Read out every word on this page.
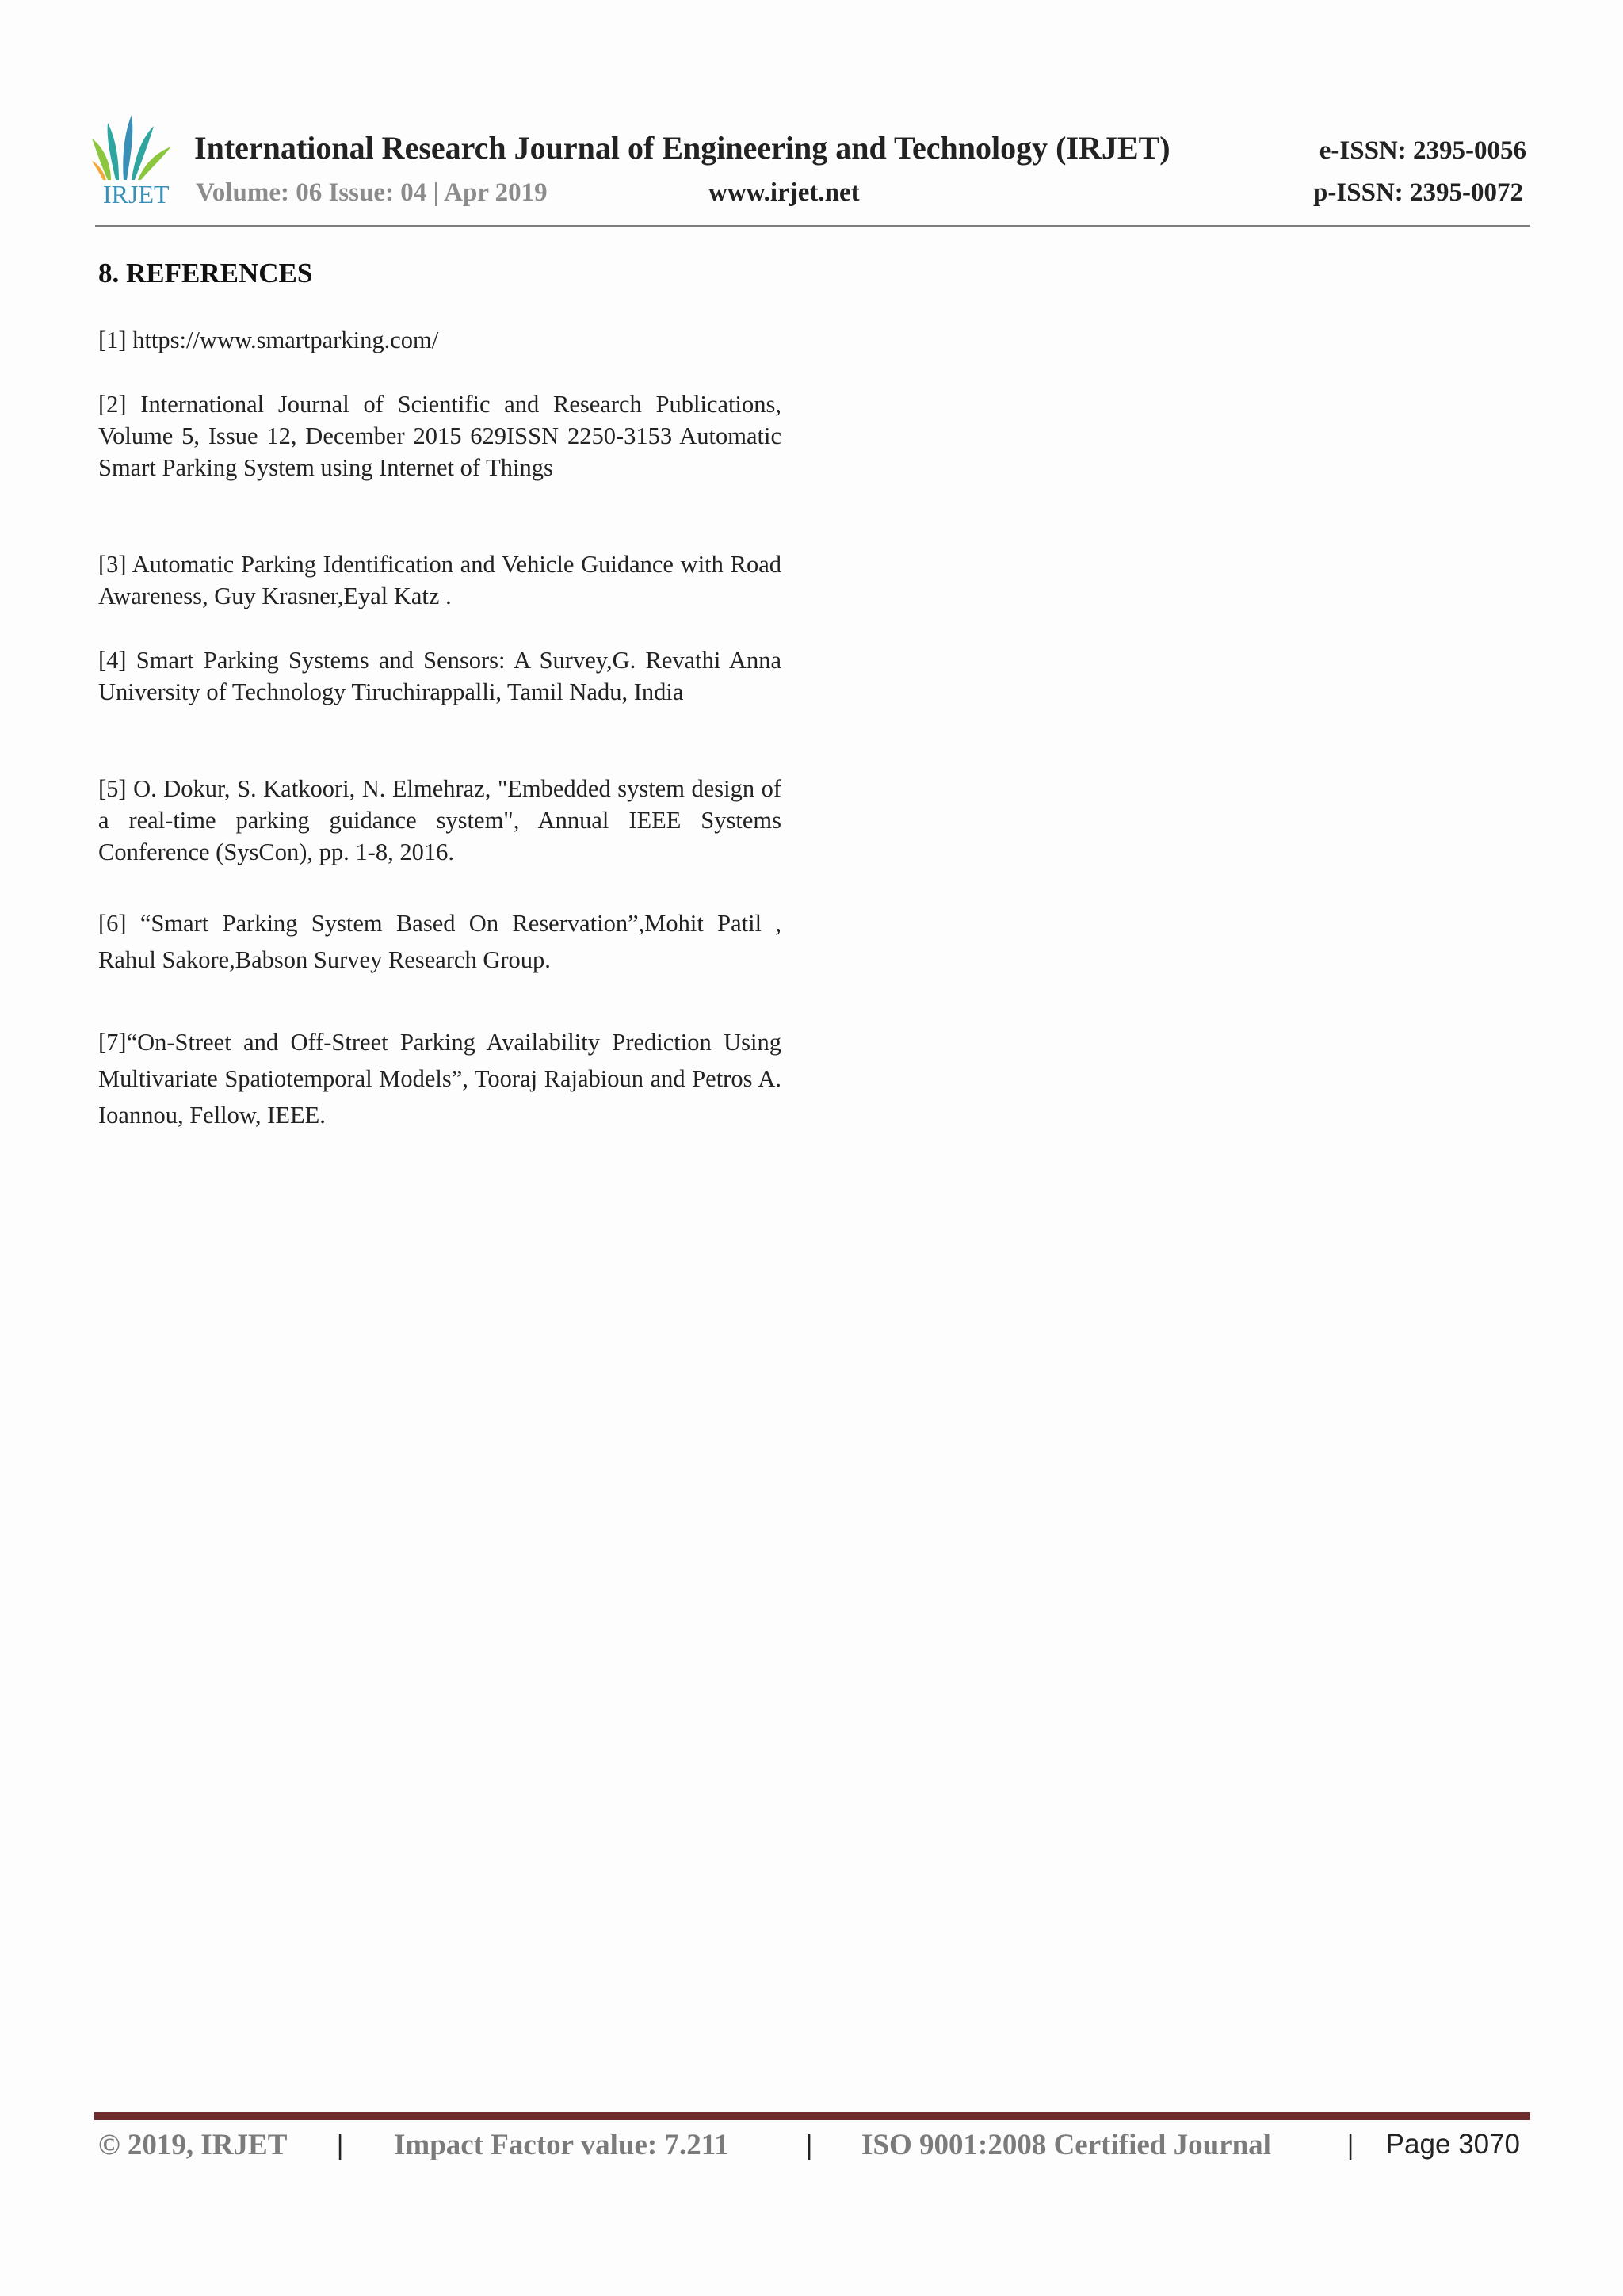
IRJET
International Research Journal of Engineering and Technology (IRJET)	e-ISSN: 2395-0056
Volume: 06 Issue: 04 | Apr 2019	www.irjet.net	p-ISSN: 2395-0072
8. REFERENCES
[1] https://www.smartparking.com/
[2] International Journal of Scientific and Research Publications, Volume 5, Issue 12, December 2015 629ISSN 2250-3153 Automatic Smart Parking System using Internet of Things
[3] Automatic Parking Identification and Vehicle Guidance with Road Awareness, Guy Krasner,Eyal Katz .
[4] Smart Parking Systems and Sensors: A Survey,G. Revathi Anna University of Technology Tiruchirappalli, Tamil Nadu, India
[5] O. Dokur, S. Katkoori, N. Elmehraz, "Embedded system design of a real-time parking guidance system", Annual IEEE Systems Conference (SysCon), pp. 1-8, 2016.
[6] “Smart Parking System Based On Reservation”,Mohit Patil , Rahul Sakore,Babson Survey Research Group.
[7]“On-Street and Off-Street Parking Availability Prediction Using Multivariate Spatiotemporal Models”, Tooraj Rajabioun and Petros A. Ioannou, Fellow, IEEE.
© 2019, IRJET | Impact Factor value: 7.211	| ISO 9001:2008 Certified Journal	| Page 3070
